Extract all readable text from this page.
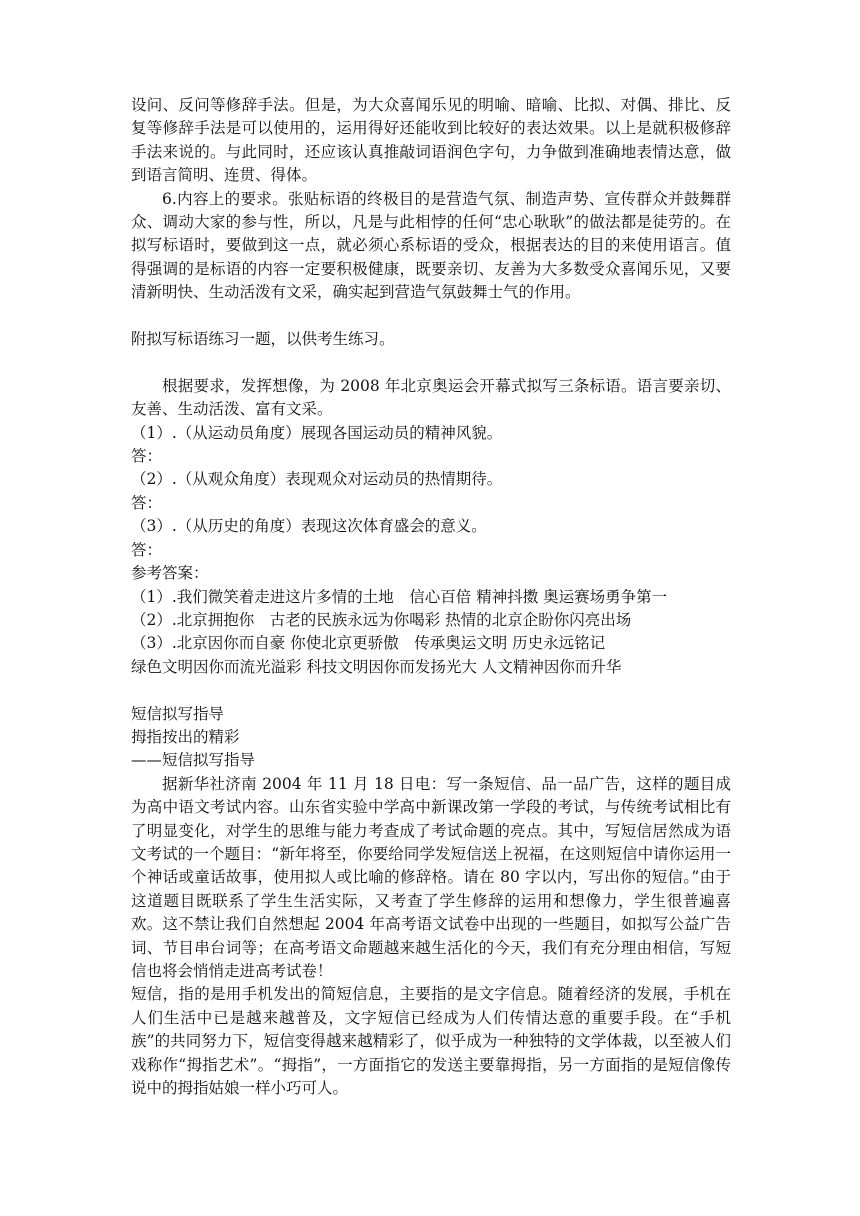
设问、反问等修辞手法。但是，为大众喜闻乐见的明喻、暗喻、比拟、对偶、排比、反复等修辞手法是可以使用的，运用得好还能收到比较好的表达效果。以上是就积极修辞手法来说的。与此同时，还应该认真推敲词语润色字句，力争做到准确地表情达意，做到语言简明、连贯、得体。

6.内容上的要求。张贴标语的终极目的是营造气氛、制造声势、宣传群众并鼓舞群众、调动大家的参与性，所以，凡是与此相悖的任何“忠心耿耿”的做法都是徒劳的。在拟写标语时，要做到这一点，就必须心系标语的受众，根据表达的目的来使用语言。值得强调的是标语的内容一定要积极健康，既要亲切、友善为大多数受众喜闻乐见，又要清新明快、生动活泼有文采，确实起到营造气氛鼓舞士气的作用。

附拟写标语练习一题，以供考生练习。

根据要求，发挥想像，为 2008 年北京奥运会开幕式拟写三条标语。语言要亲切、友善、生动活泼、富有文采。

（1）.（从运动员角度）展现各国运动员的精神风貌。

答：

（2）.（从观众角度）表现观众对运动员的热情期待。

答：

（3）.（从历史的角度）表现这次体育盛会的意义。

答：

参考答案：

（1）.我们微笑着走进这片多情的土地　信心百倍 精神抖擞 奥运赛场勇争第一

（2）.北京拥抱你　古老的民族永远为你喝彩 热情的北京企盼你闪亮出场

（3）.北京因你而自豪 你使北京更骄傲　传承奥运文明 历史永远铭记

绿色文明因你而流光溢彩 科技文明因你而发扬光大 人文精神因你而升华

短信拟写指导

拇指按出的精彩

——短信拟写指导

据新华社济南 2004 年 11 月 18 日电：写一条短信、品一品广告，这样的题目成为高中语文考试内容。山东省实验中学高中新课改第一学段的考试，与传统考试相比有了明显变化，对学生的思维与能力考查成了考试命题的亮点。其中，写短信居然成为语文考试的一个题目：“新年将至，你要给同学发短信送上祝福，在这则短信中请你运用一个神话或童话故事，使用拟人或比喻的修辞格。请在 80 字以内，写出你的短信。”由于这道题目既联系了学生生活实际，又考查了学生修辞的运用和想像力，学生很普遍喜欢。这不禁让我们自然想起 2004 年高考语文试卷中出现的一些题目，如拟写公益广告词、节目串台词等；在高考语文命题越来越生活化的今天，我们有充分理由相信，写短信也将会悄悄走进高考试卷！

短信，指的是用手机发出的简短信息，主要指的是文字信息。随着经济的发展，手机在人们生活中已是越来越普及，文字短信已经成为人们传情达意的重要手段。在“手机族”的共同努力下，短信变得越来越精彩了，似乎成为一种独特的文学体裁，以至被人们戏称作“拇指艺术”。“拇指”，一方面指它的发送主要靠拇指，另一方面指的是短信像传说中的拇指姑娘一样小巧可人。
